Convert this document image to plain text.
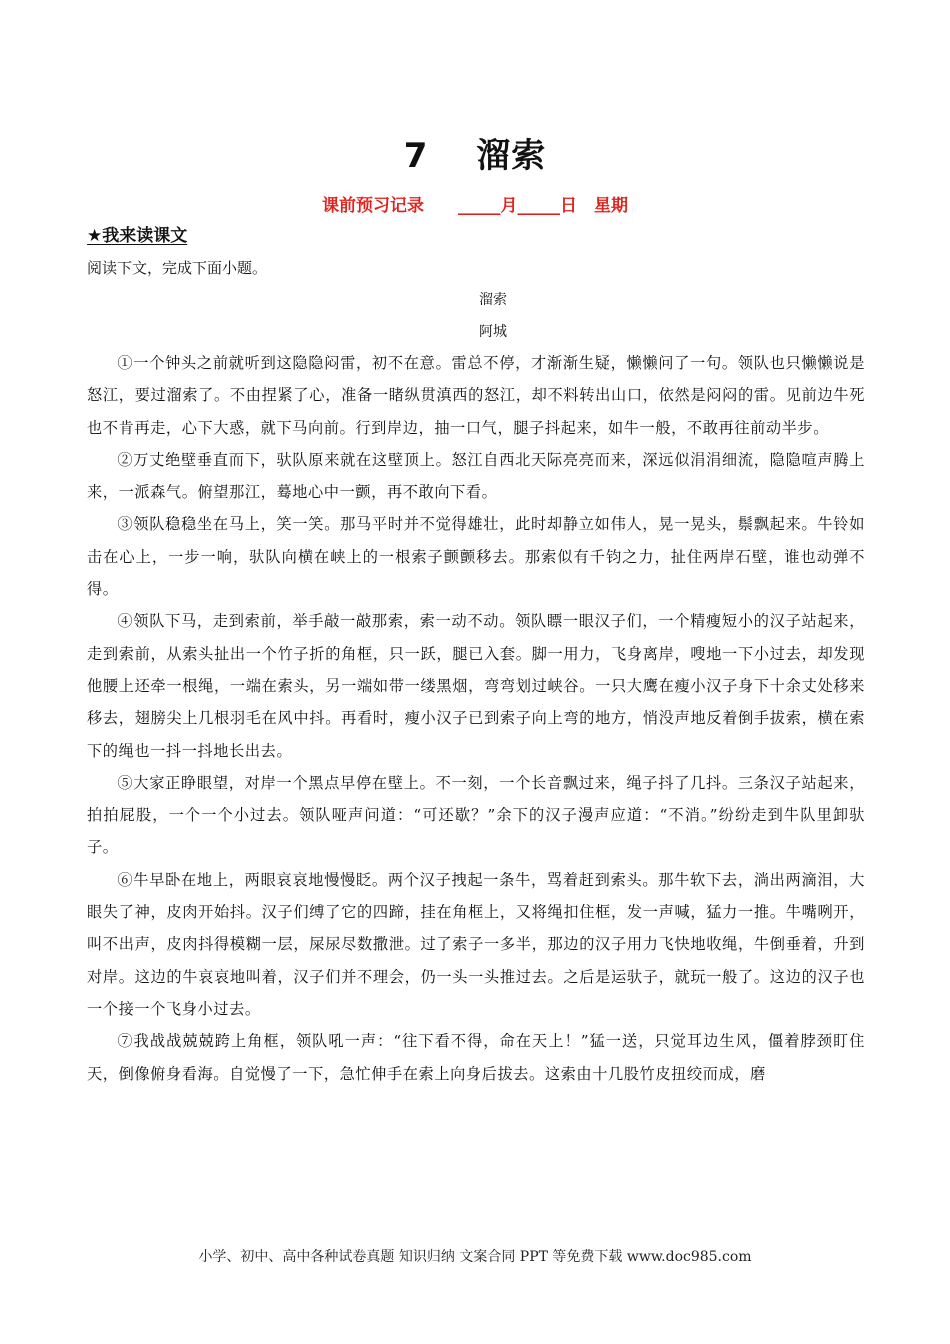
7　 溜索
课前预习记录　　_____月_____日　星期
★我来读课文
阅读下文，完成下面小题。
溜索
阿城

①一个钟头之前就听到这隐隐闷雷，初不在意。雷总不停，才渐渐生疑，懒懒问了一句。领队也只懒懒说是怒江，要过溜索了。不由捏紧了心，准备一睹纵贯滇西的怒江，却不料转出山口，依然是闷闷的雷。见前边牛死也不肯再走，心下大惑，就下马向前。行到岸边，抽一口气，腿子抖起来，如牛一般，不敢再往前动半步。

②万丈绝壁垂直而下，驮队原来就在这壁顶上。怒江自西北天际亮亮而来，深远似涓涓细流，隐隐喧声腾上来，一派森气。俯望那江，蓦地心中一颤，再不敢向下看。

③领队稳稳坐在马上，笑一笑。那马平时并不觉得雄壮，此时却静立如伟人，晃一晃头，鬃飘起来。牛铃如击在心上，一步一响，驮队向横在峡上的一根索子颤颤移去。那索似有千钧之力，扯住两岸石壁，谁也动弹不得。

④领队下马，走到索前，举手敲一敲那索，索一动不动。领队瞟一眼汉子们，一个精瘦短小的汉子站起来，走到索前，从索头扯出一个竹子折的角框，只一跃，腿已入套。脚一用力，飞身离岸，嗖地一下小过去，却发现他腰上还牵一根绳，一端在索头，另一端如带一缕黑烟，弯弯划过峡谷。一只大鹰在瘦小汉子身下十余丈处移来移去，翅膀尖上几根羽毛在风中抖。再看时，瘦小汉子已到索子向上弯的地方，悄没声地反着倒手拔索，横在索下的绳也一抖一抖地长出去。

⑤大家正睁眼望，对岸一个黑点早停在壁上。不一刻，一个长音飘过来，绳子抖了几抖。三条汉子站起来，拍拍屁股，一个一个小过去。领队哑声问道：“可还歇？”余下的汉子漫声应道：“不消。”纷纷走到牛队里卸驮子。

⑥牛早卧在地上，两眼哀哀地慢慢眨。两个汉子拽起一条牛，骂着赶到索头。那牛软下去，淌出两滴泪，大眼失了神，皮肉开始抖。汉子们缚了它的四蹄，挂在角框上，又将绳扣住框，发一声喊，猛力一推。牛嘴咧开，叫不出声，皮肉抖得模糊一层，屎尿尽数撒泄。过了索子一多半，那边的汉子用力飞快地收绳，牛倒垂着，升到对岸。这边的牛哀哀地叫着，汉子们并不理会，仍一头一头推过去。之后是运驮子，就玩一般了。这边的汉子也一个接一个飞身小过去。

⑦我战战兢兢跨上角框，领队吼一声：“往下看不得，命在天上！”猛一送，只觉耳边生风，僵着脖颈盯住天，倒像俯身看海。自觉慢了一下，急忙伸手在索上向身后拔去。这索由十几股竹皮扭绞而成，磨

小学、初中、高中各种试卷真题 知识归纳 文案合同 PPT 等免费下载 www.doc985.com
